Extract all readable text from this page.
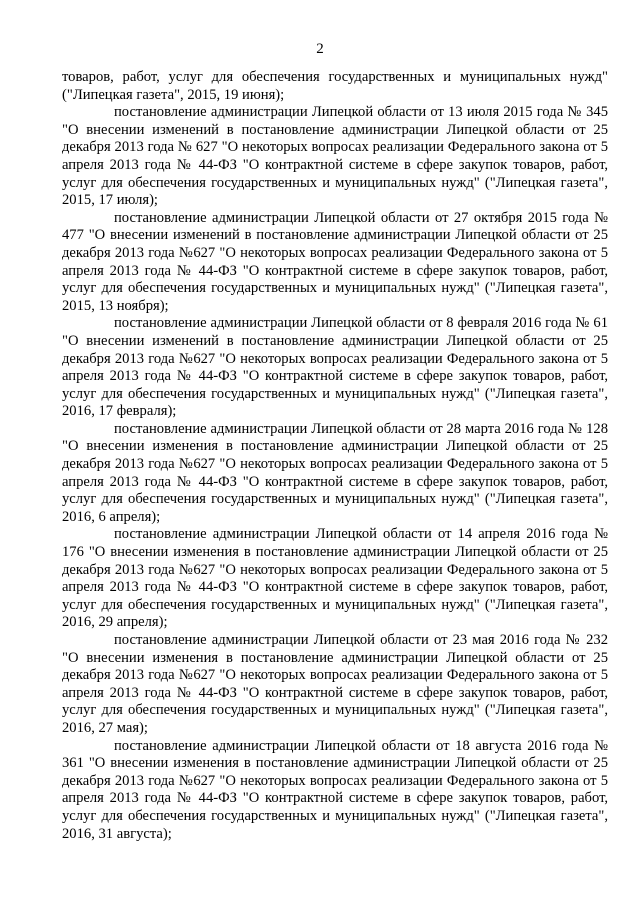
2

товаров, работ, услуг для обеспечения государственных и муниципальных нужд" ("Липецкая газета", 2015, 19 июня);

постановление администрации Липецкой области от 13 июля 2015 года № 345 "О внесении изменений в постановление администрации Липецкой области от 25 декабря 2013 года № 627 "О некоторых вопросах реализации Федерального закона от 5 апреля 2013 года № 44-ФЗ "О контрактной системе в сфере закупок товаров, работ, услуг для обеспечения государственных и муниципальных нужд" ("Липецкая газета", 2015, 17 июля);

постановление администрации Липецкой области от 27 октября 2015 года № 477 "О внесении изменений в постановление администрации Липецкой области от 25 декабря 2013 года №627 "О некоторых вопросах реализации Федерального закона от 5 апреля 2013 года № 44-ФЗ "О контрактной системе в сфере закупок товаров, работ, услуг для обеспечения государственных и муниципальных нужд" ("Липецкая газета", 2015, 13 ноября);

постановление администрации Липецкой области от 8 февраля 2016 года № 61 "О внесении изменений в постановление администрации Липецкой области от 25 декабря 2013 года №627 "О некоторых вопросах реализации Федерального закона от 5 апреля 2013 года № 44-ФЗ "О контрактной системе в сфере закупок товаров, работ, услуг для обеспечения государственных и муниципальных нужд" ("Липецкая газета", 2016, 17 февраля);

постановление администрации Липецкой области от 28 марта 2016 года № 128 "О внесении изменения в постановление администрации Липецкой области от 25 декабря 2013 года №627 "О некоторых вопросах реализации Федерального закона от 5 апреля 2013 года № 44-ФЗ "О контрактной системе в сфере закупок товаров, работ, услуг для обеспечения государственных и муниципальных нужд" ("Липецкая газета", 2016, 6 апреля);

постановление администрации Липецкой области от 14 апреля 2016 года № 176 "О внесении изменения в постановление администрации Липецкой области от 25 декабря 2013 года №627 "О некоторых вопросах реализации Федерального закона от 5 апреля 2013 года № 44-ФЗ "О контрактной системе в сфере закупок товаров, работ, услуг для обеспечения государственных и муниципальных нужд" ("Липецкая газета", 2016, 29 апреля);

постановление администрации Липецкой области от 23 мая 2016 года № 232 "О внесении изменения в постановление администрации Липецкой области от 25 декабря 2013 года №627 "О некоторых вопросах реализации Федерального закона от 5 апреля 2013 года № 44-ФЗ "О контрактной системе в сфере закупок товаров, работ, услуг для обеспечения государственных и муниципальных нужд" ("Липецкая газета", 2016, 27 мая);

постановление администрации Липецкой области от 18 августа 2016 года № 361 "О внесении изменения в постановление администрации Липецкой области от 25 декабря 2013 года №627 "О некоторых вопросах реализации Федерального закона от 5 апреля 2013 года № 44-ФЗ "О контрактной системе в сфере закупок товаров, работ, услуг для обеспечения государственных и муниципальных нужд" ("Липецкая газета", 2016, 31 августа);
